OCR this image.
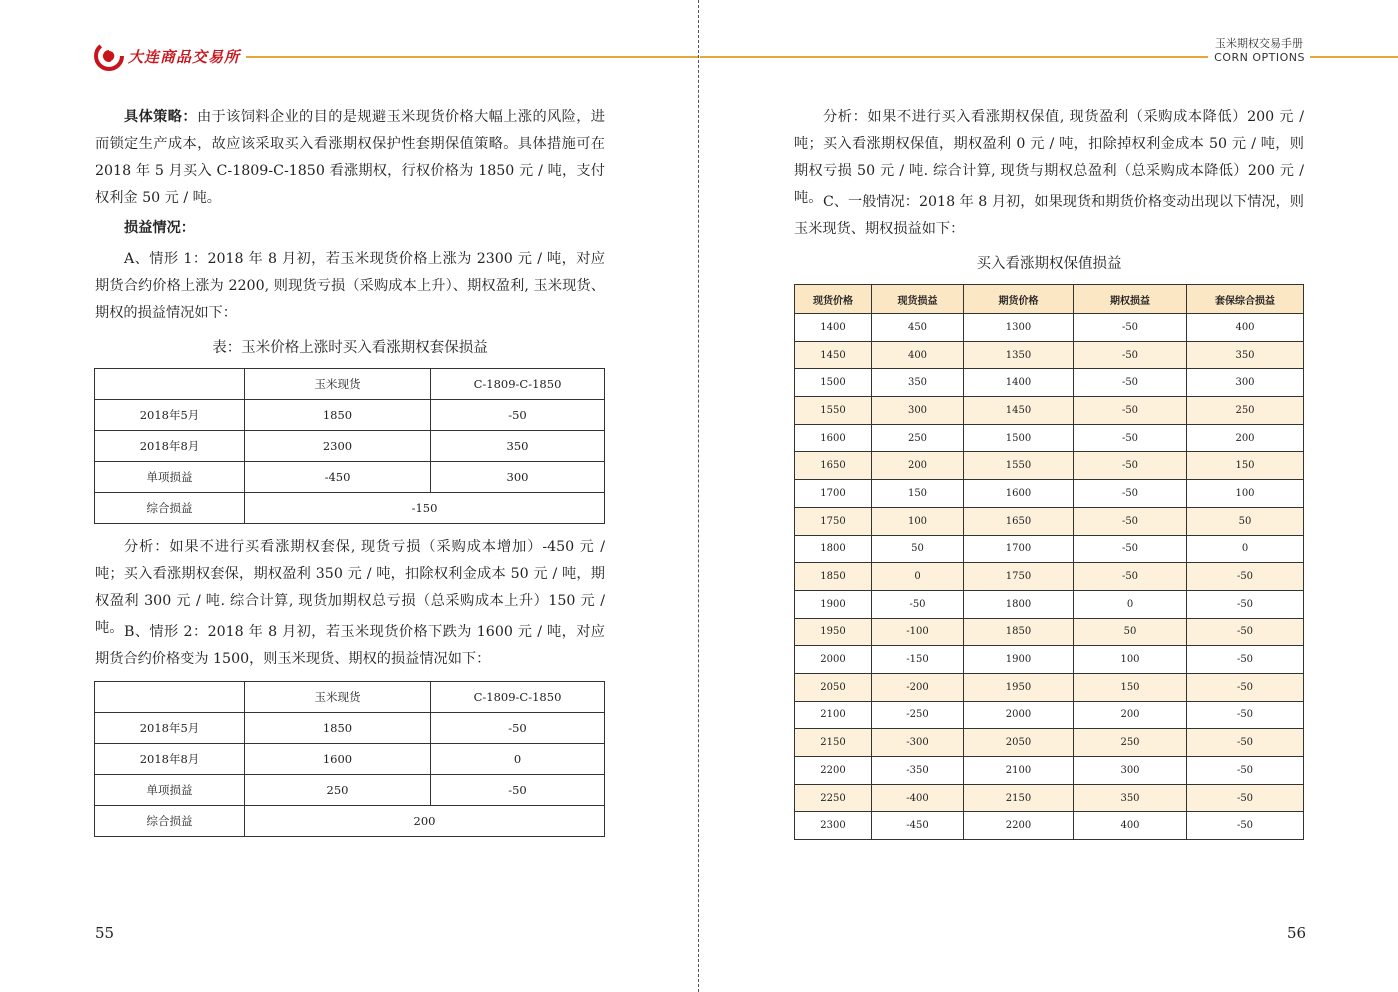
大连商品交易所
具体策略：由于该饲料企业的目的是规避玉米现货价格大幅上涨的风险，进而锁定生产成本，故应该采取买入看涨期权保护性套期保值策略。具体措施可在 2018 年 5 月买入 C-1809-C-1850 看涨期权，行权价格为 1850 元 / 吨，支付权利金 50 元 / 吨。
损益情况：
A、情形 1：2018 年 8 月初，若玉米现货价格上涨为 2300 元 / 吨，对应期货合约价格上涨为 2200, 则现货亏损（采购成本上升）、期权盈利, 玉米现货、期权的损益情况如下：
表：玉米价格上涨时买入看涨期权套保损益
	玉米现货	C-1809-C-1850
2018年5月	1850	-50
2018年8月	2300	350
单项损益	-450	300
综合损益	-150	
分析：如果不进行买看涨期权套保, 现货亏损（采购成本增加）-450 元 / 吨；买入看涨期权套保，期权盈利 350 元 / 吨，扣除权利金成本 50 元 / 吨，期权盈利 300 元 / 吨. 综合计算, 现货加期权总亏损（总采购成本上升）150 元 / 吨。 B、情形 2：2018 年 8 月初，若玉米现货价格下跌为 1600 元 / 吨，对应期货合约价格变为 1500，则玉米现货、期权的损益情况如下：
	玉米现货	C-1809-C-1850
2018年5月	1850	-50
2018年8月	1600	0
单项损益	250	-50
综合损益	200	
55
玉米期权交易手册
CORN OPTIONS
分析：如果不进行买入看涨期权保值, 现货盈利（采购成本降低）200 元 / 吨；买入看涨期权保值，期权盈利 0 元 / 吨，扣除掉权利金成本 50 元 / 吨，则期权亏损 50 元 / 吨. 综合计算, 现货与期权总盈利（总采购成本降低）200 元 / 吨。 C、一般情况：2018 年 8 月初，如果现货和期货价格变动出现以下情况，则玉米现货、期权损益如下：
买入看涨期权保值损益
现货价格	现货损益	期货价格	期权损益	套保综合损益
1400	450	1300	-50	400
1450	400	1350	-50	350
1500	350	1400	-50	300
1550	300	1450	-50	250
1600	250	1500	-50	200
1650	200	1550	-50	150
1700	150	1600	-50	100
1750	100	1650	-50	50
1800	50	1700	-50	0
1850	0	1750	-50	-50
1900	-50	1800	0	-50
1950	-100	1850	50	-50
2000	-150	1900	100	-50
2050	-200	1950	150	-50
2100	-250	2000	200	-50
2150	-300	2050	250	-50
2200	-350	2100	300	-50
2250	-400	2150	350	-50
2300	-450	2200	400	-50
56
